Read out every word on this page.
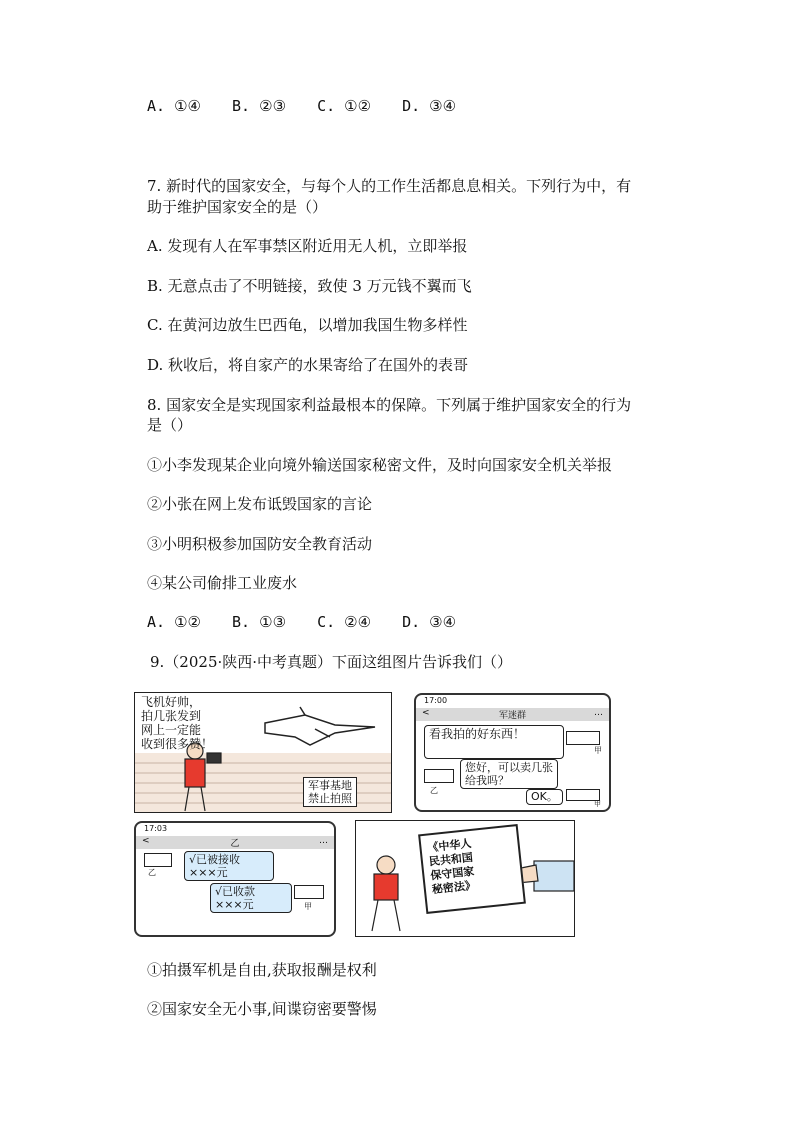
A. ①④ B. ②③ C. ①② D. ③④
7. 新时代的国家安全，与每个人的工作生活都息息相关。下列行为中，有
助于维护国家安全的是（）
A. 发现有人在军事禁区附近用无人机，立即举报
B. 无意点击了不明链接，致使 3 万元钱不翼而飞
C. 在黄河边放生巴西龟，以增加我国生物多样性
D. 秋收后，将自家产的水果寄给了在国外的表哥
8. 国家安全是实现国家利益最根本的保障。下列属于维护国家安全的行为
是（）
①小李发现某企业向境外输送国家秘密文件，及时向国家安全机关举报
②小张在网上发布诋毁国家的言论
③小明积极参加国防安全教育活动
④某公司偷排工业废水
A. ①② B. ①③ C. ②④ D. ③④
9.（2025·陕西·中考真题）下面这组图片告诉我们（）
飞机好帅，
拍几张发到
网上一定能
收到很多赞！
军事基地
禁止拍照
17:00
<	军迷群	…
看我拍的好东西！
甲
乙
您好，可以卖几张
给我吗？
OK。
甲
17:03
<	乙	…
乙
√已被接收
×××元
√已收款
×××元	甲
《中华人
民共和国
保守国家
秘密法》
①拍摄军机是自由,获取报酬是权利
②国家安全无小事,间谍窃密要警惕
